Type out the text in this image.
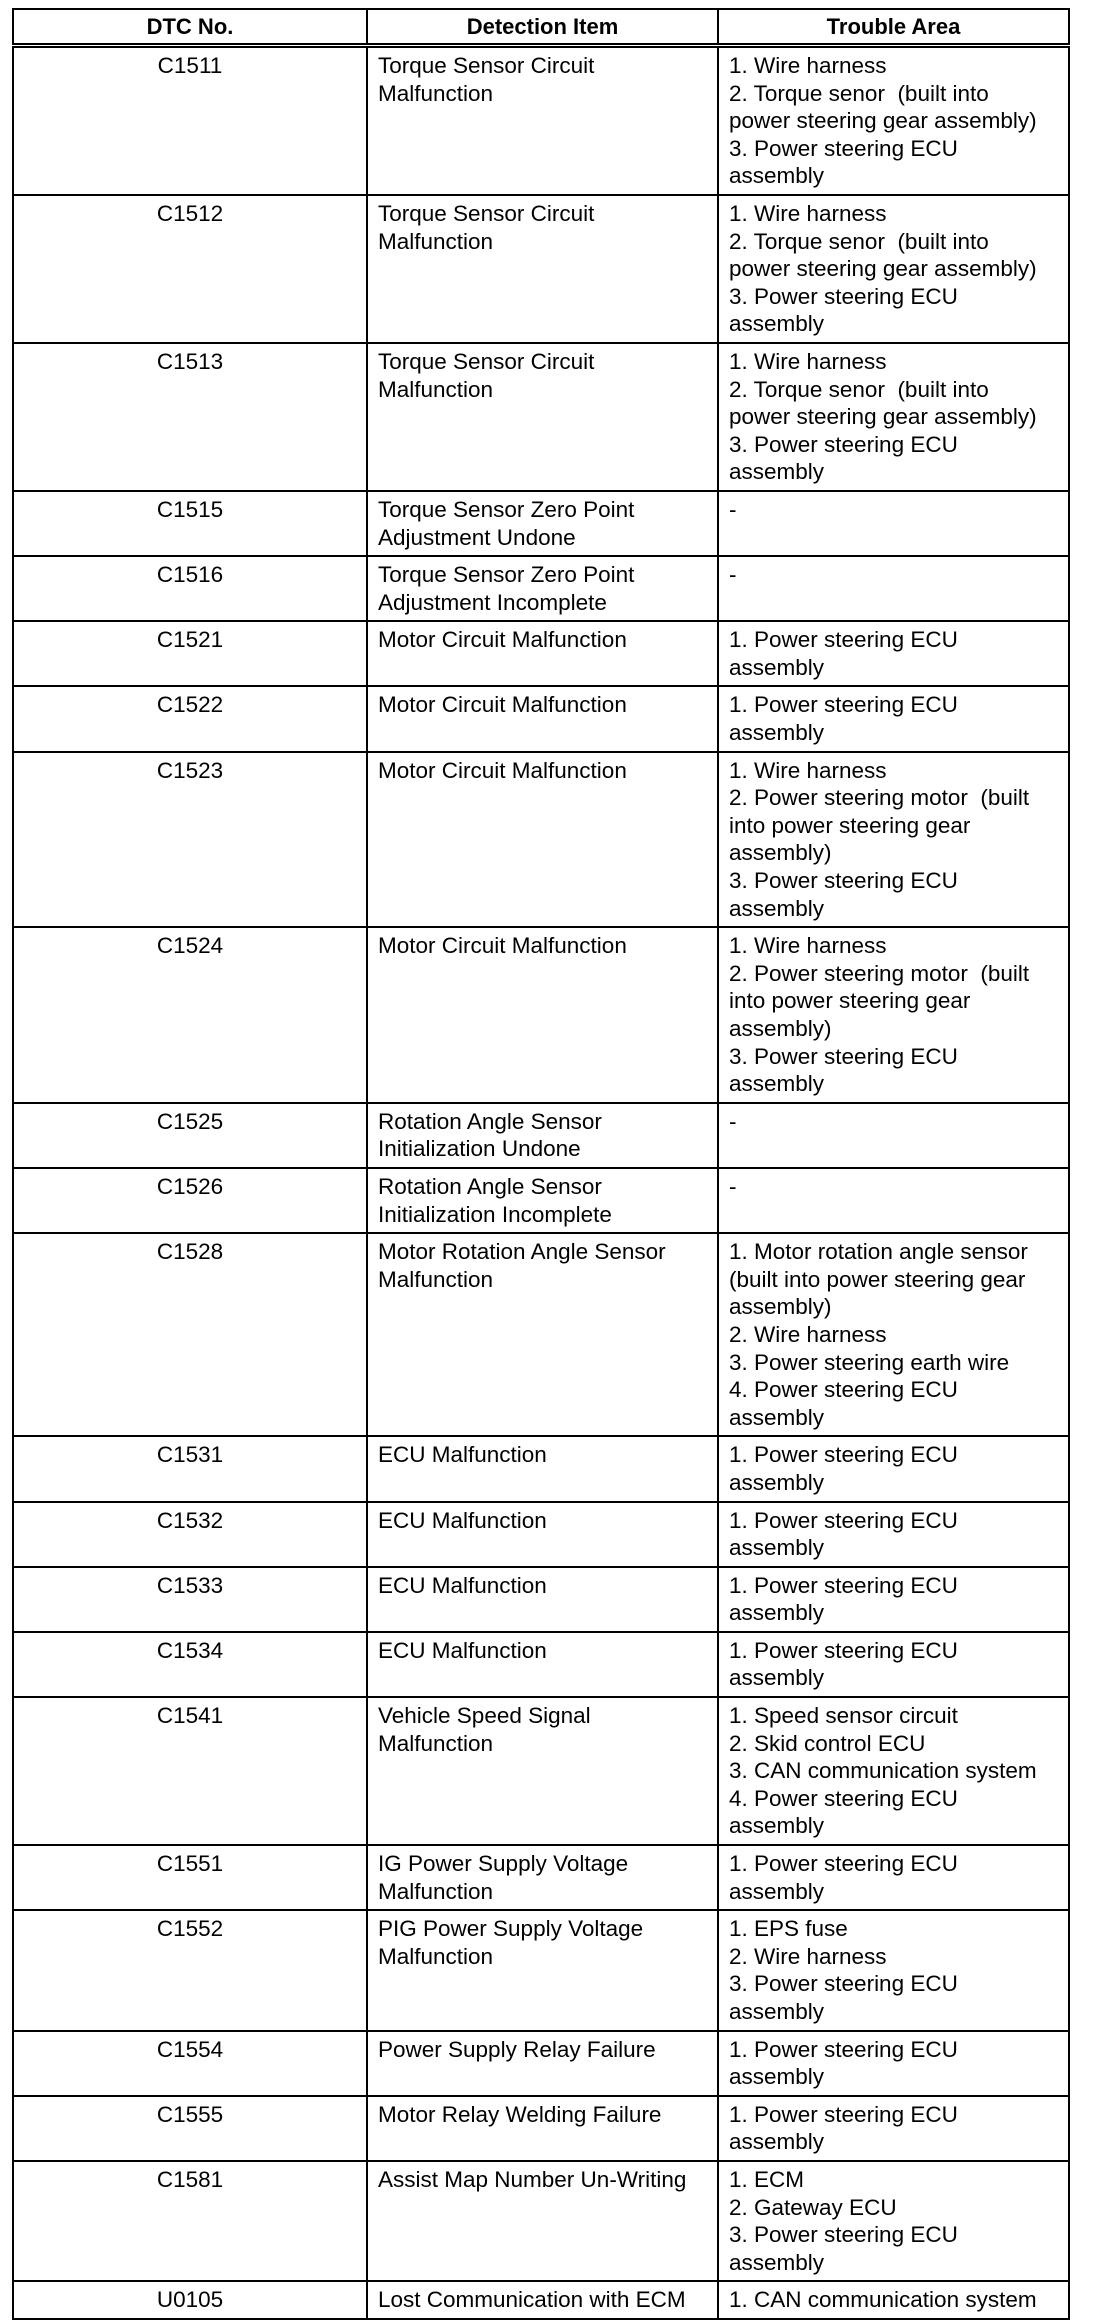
DTC No.	Detection Item	Trouble Area
C1511	Torque Sensor Circuit Malfunction	1. Wire harness
2. Torque senor  (built into  power steering gear assembly)
3. Power steering ECU assembly

C1512	Torque Sensor Circuit Malfunction	1. Wire harness
2. Torque senor  (built into  power steering gear assembly)
3. Power steering ECU assembly

C1513	Torque Sensor Circuit Malfunction	1. Wire harness
2. Torque senor  (built into  power steering gear assembly)
3. Power steering ECU assembly

C1515	Torque Sensor Zero Point Adjustment Undone	-

C1516	Torque Sensor Zero Point Adjustment Incomplete	-

C1521	Motor Circuit Malfunction	1. Power steering ECU assembly

C1522	Motor Circuit Malfunction	1. Power steering ECU assembly

C1523	Motor Circuit Malfunction	1. Wire harness
2. Power steering motor  (built into power steering gear assembly)
3. Power steering ECU assembly

C1524	Motor Circuit Malfunction	1. Wire harness
2. Power steering motor  (built into power steering gear assembly)
3. Power steering ECU assembly

C1525	Rotation Angle Sensor Initialization Undone	-

C1526	Rotation Angle Sensor Initialization Incomplete	-

C1528	Motor Rotation Angle Sensor Malfunction	1. Motor rotation angle sensor (built into power steering gear assembly)
2. Wire harness
3. Power steering earth wire
4. Power steering ECU assembly

C1531	ECU Malfunction	1. Power steering ECU assembly

C1532	ECU Malfunction	1. Power steering ECU assembly

C1533	ECU Malfunction	1. Power steering ECU assembly

C1534	ECU Malfunction	1. Power steering ECU assembly

C1541	Vehicle Speed Signal Malfunction	1. Speed sensor circuit
2. Skid control ECU
3. CAN communication system
4. Power steering ECU assembly

C1551	IG Power Supply Voltage Malfunction	1. Power steering ECU assembly

C1552	PIG Power Supply Voltage Malfunction	1. EPS fuse
2. Wire harness
3. Power steering ECU assembly

C1554	Power Supply Relay Failure	1. Power steering ECU assembly

C1555	Motor Relay Welding Failure	1. Power steering ECU assembly

C1581	Assist Map Number Un-Writing	1. ECM
2. Gateway ECU
3. Power steering ECU assembly

U0105	Lost Communication with ECM	1. CAN communication system
